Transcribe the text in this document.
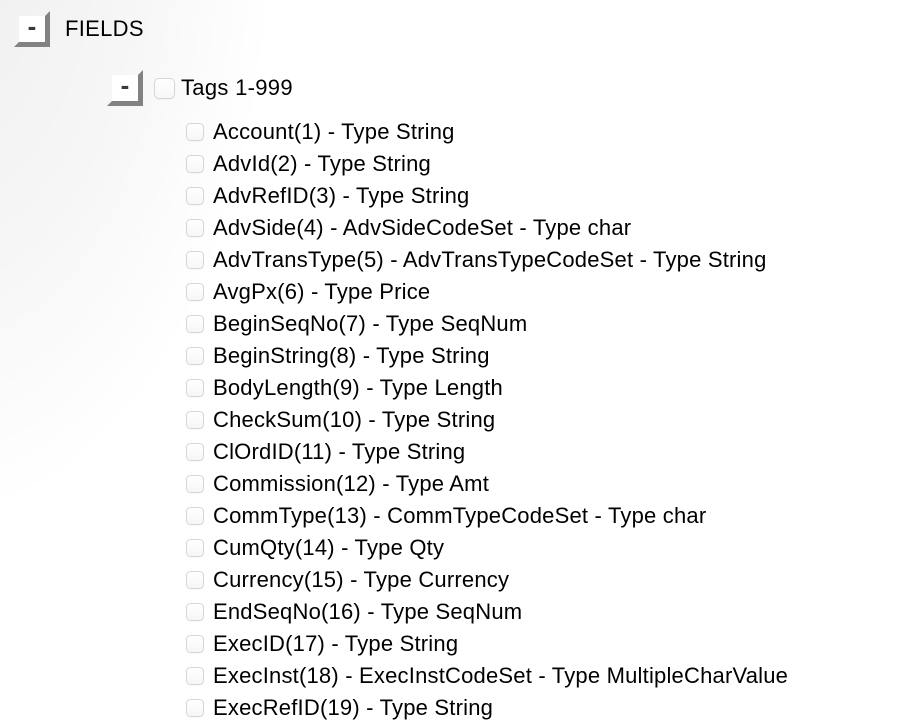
- FIELDS
- Tags 1-999
Account(1) - Type String
AdvId(2) - Type String
AdvRefID(3) - Type String
AdvSide(4) - AdvSideCodeSet - Type char
AdvTransType(5) - AdvTransTypeCodeSet - Type String
AvgPx(6) - Type Price
BeginSeqNo(7) - Type SeqNum
BeginString(8) - Type String
BodyLength(9) - Type Length
CheckSum(10) - Type String
ClOrdID(11) - Type String
Commission(12) - Type Amt
CommType(13) - CommTypeCodeSet - Type char
CumQty(14) - Type Qty
Currency(15) - Type Currency
EndSeqNo(16) - Type SeqNum
ExecID(17) - Type String
ExecInst(18) - ExecInstCodeSet - Type MultipleCharValue
ExecRefID(19) - Type String
